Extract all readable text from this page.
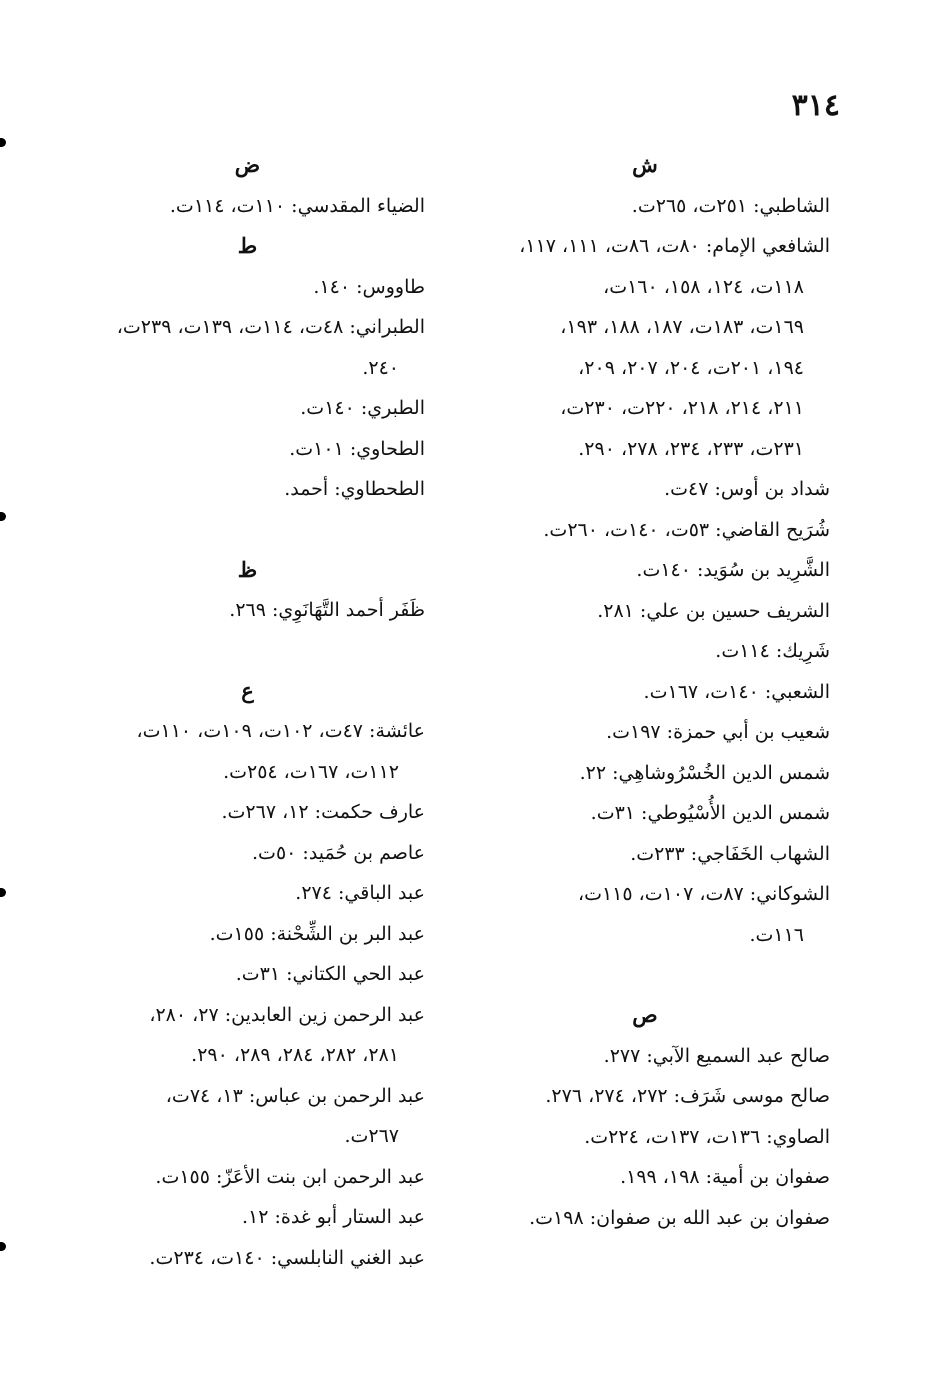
٣١٤
ش
الشاطبي: ٢٥١ت، ٢٦٥ت.
الشافعي الإمام: ٨٠ت، ٨٦ت، ١١١، ١١٧،
١١٨ت، ١٢٤، ١٥٨، ١٦٠ت،
١٦٩ت، ١٨٣ت، ١٨٧، ١٨٨، ١٩٣،
١٩٤، ٢٠١ت، ٢٠٤، ٢٠٧، ٢٠٩،
٢١١، ٢١٤، ٢١٨، ٢٢٠ت، ٢٣٠ت،
٢٣١ت، ٢٣٣، ٢٣٤، ٢٧٨، ٢٩٠.
شداد بن أوس: ٤٧ت.
شُرَيح القاضي: ٥٣ت، ١٤٠ت، ٢٦٠ت.
الشَّرِيد بن سُوَيد: ١٤٠ت.
الشريف حسين بن علي: ٢٨١.
شَرِيك: ١١٤ت.
الشعبي: ١٤٠ت، ١٦٧ت.
شعيب بن أبي حمزة: ١٩٧ت.
شمس الدين الخُسْرُوشاهِي: ٢٢.
شمس الدين الأُسْيُوطي: ٣١ت.
الشهاب الخَفَاجي: ٢٣٣ت.
الشوكاني: ٨٧ت، ١٠٧ت، ١١٥ت،
١١٦ت.
ص
صالح عبد السميع الآبي: ٢٧٧.
صالح موسى شَرَف: ٢٧٢، ٢٧٤، ٢٧٦.
الصاوي: ١٣٦ت، ١٣٧ت، ٢٢٤ت.
صفوان بن أمية: ١٩٨، ١٩٩.
صفوان بن عبد الله بن صفوان: ١٩٨ت.
ض
الضياء المقدسي: ١١٠ت، ١١٤ت.
ط
طاووس: ١٤٠.
الطبراني: ٤٨ت، ١١٤ت، ١٣٩ت، ٢٣٩ت،
٢٤٠.
الطبري: ١٤٠ت.
الطحاوي: ١٠١ت.
الطحطاوي: أحمد.
ظ
ظَفَر أحمد التَّهَانَوِي: ٢٦٩.
ع
عائشة: ٤٧ت، ١٠٢ت، ١٠٩ت، ١١٠ت،
١١٢ت، ١٦٧ت، ٢٥٤ت.
عارف حكمت: ١٢، ٢٦٧ت.
عاصم بن حُمَيد: ٥٠ت.
عبد الباقي: ٢٧٤.
عبد البر بن الشِّحْنة: ١٥٥ت.
عبد الحي الكتاني: ٣١ت.
عبد الرحمن زين العابدين: ٢٧، ٢٨٠،
٢٨١، ٢٨٢، ٢٨٤، ٢٨٩، ٢٩٠.
عبد الرحمن بن عباس: ١٣، ٧٤ت،
٢٦٧ت.
عبد الرحمن ابن بنت الأعَزّ: ١٥٥ت.
عبد الستار أبو غدة: ١٢.
عبد الغني النابلسي: ١٤٠ت، ٢٣٤ت.
